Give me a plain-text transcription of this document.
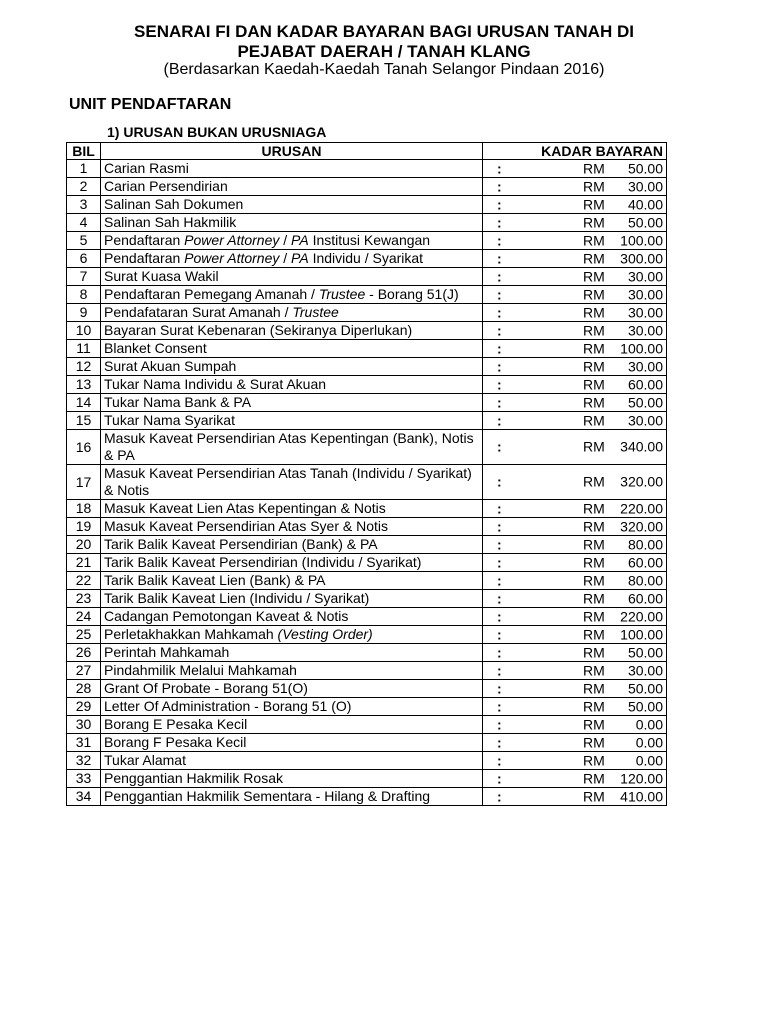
SENARAI FI DAN KADAR BAYARAN BAGI URUSAN TANAH DI
PEJABAT DAERAH / TANAH KLANG
(Berdasarkan Kaedah-Kaedah Tanah Selangor Pindaan 2016)
UNIT PENDAFTARAN
1) URUSAN BUKAN URUSNIAGA
BIL	URUSAN	KADAR BAYARAN
1	Carian Rasmi	: RM 50.00

2	Carian Persendirian	: RM 30.00

3	Salinan Sah Dokumen	: RM 40.00

4	Salinan Sah Hakmilik	: RM 50.00

5	Pendaftaran Power Attorney / PA Institusi Kewangan	: RM 100.00

6	Pendaftaran Power Attorney / PA Individu / Syarikat	: RM 300.00

7	Surat Kuasa Wakil	: RM 30.00

8	Pendaftaran Pemegang Amanah / Trustee - Borang 51(J)	: RM 30.00

9	Pendafataran Surat Amanah / Trustee	: RM 30.00

10	Bayaran Surat Kebenaran (Sekiranya Diperlukan)	: RM 30.00

11	Blanket Consent	: RM 100.00

12	Surat Akuan Sumpah	: RM 30.00

13	Tukar Nama Individu & Surat Akuan	: RM 60.00

14	Tukar Nama Bank & PA	: RM 50.00

15	Tukar Nama Syarikat	: RM 30.00

16	Masuk Kaveat Persendirian Atas Kepentingan (Bank), Notis & PA	: RM 340.00

17	Masuk Kaveat Persendirian Atas Tanah (Individu / Syarikat) & Notis	: RM 320.00

18	Masuk Kaveat Lien Atas Kepentingan & Notis	: RM 220.00

19	Masuk Kaveat Persendirian Atas Syer & Notis	: RM 320.00

20	Tarik Balik Kaveat Persendirian (Bank) & PA	: RM 80.00

21	Tarik Balik Kaveat Persendirian (Individu / Syarikat)	: RM 60.00

22	Tarik Balik Kaveat Lien (Bank) & PA	: RM 80.00

23	Tarik Balik Kaveat Lien (Individu / Syarikat)	: RM 60.00

24	Cadangan Pemotongan Kaveat & Notis	: RM 220.00

25	Perletakhakkan Mahkamah (Vesting Order)	: RM 100.00

26	Perintah Mahkamah	: RM 50.00

27	Pindahmilik Melalui Mahkamah	: RM 30.00

28	Grant Of Probate - Borang 51(O)	: RM 50.00

29	Letter Of Administration - Borang 51 (O)	: RM 50.00

30	Borang E Pesaka Kecil	: RM 0.00

31	Borang F Pesaka Kecil	: RM 0.00

32	Tukar Alamat	: RM 0.00

33	Penggantian Hakmilik Rosak	: RM 120.00

34	Penggantian Hakmilik Sementara - Hilang & Drafting	: RM 410.00
